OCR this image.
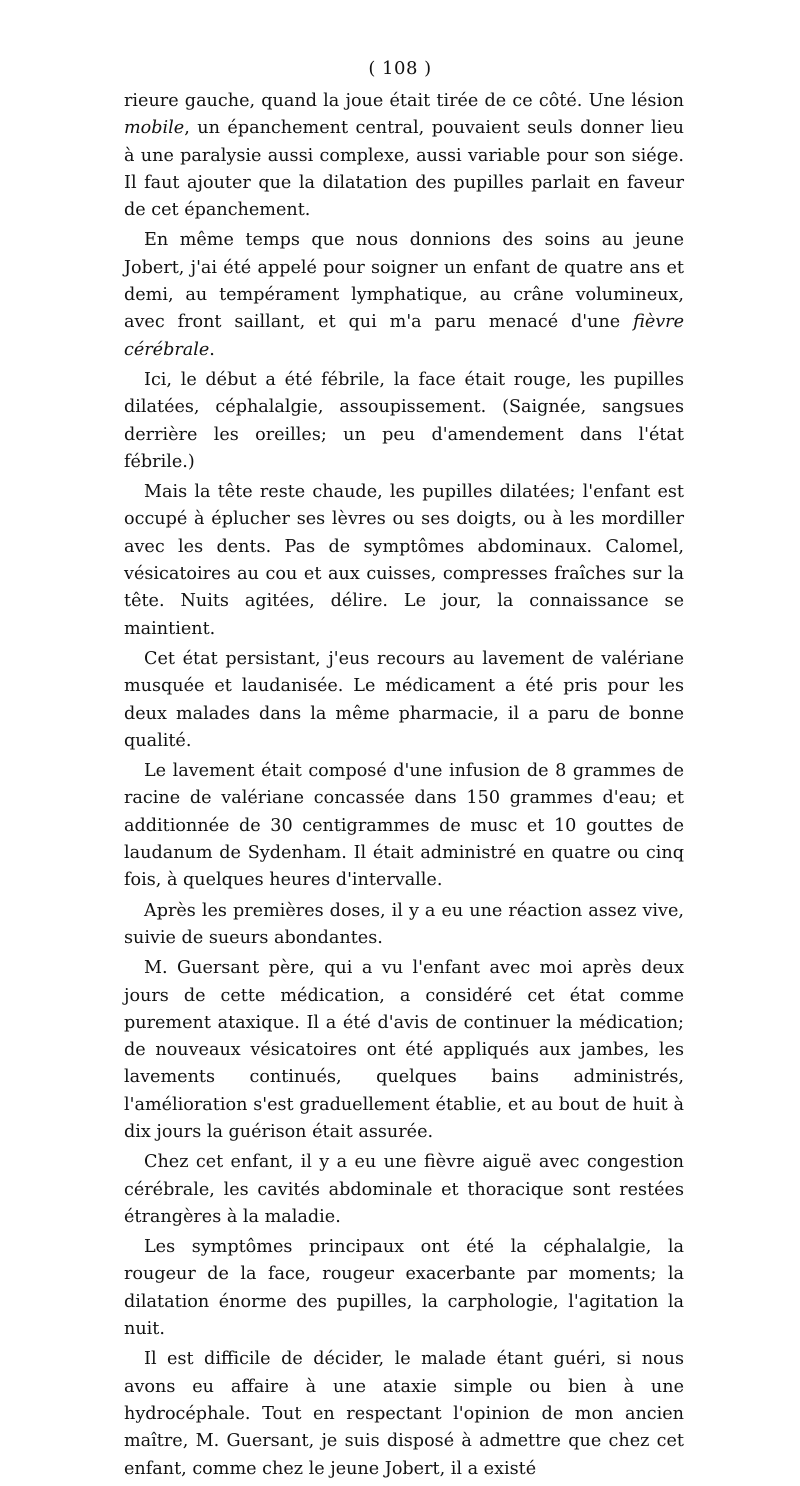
( 108 )

rieure gauche, quand la joue était tirée de ce côté. Une lésion mobile, un épanchement central, pouvaient seuls donner lieu à une paralysie aussi complexe, aussi variable pour son siége. Il faut ajouter que la dilatation des pupilles parlait en faveur de cet épanchement.

En même temps que nous donnions des soins au jeune Jobert, j'ai été appelé pour soigner un enfant de quatre ans et demi, au tempérament lymphatique, au crâne volumineux, avec front saillant, et qui m'a paru menacé d'une fièvre cérébrale.

Ici, le début a été fébrile, la face était rouge, les pupilles dilatées, céphalalgie, assoupissement. (Saignée, sangsues derrière les oreilles; un peu d'amendement dans l'état fébrile.)

Mais la tête reste chaude, les pupilles dilatées; l'enfant est occupé à éplucher ses lèvres ou ses doigts, ou à les mordiller avec les dents. Pas de symptômes abdominaux. Calomel, vésicatoires au cou et aux cuisses, compresses fraîches sur la tête. Nuits agitées, délire. Le jour, la connaissance se maintient.

Cet état persistant, j'eus recours au lavement de valériane musquée et laudanisée. Le médicament a été pris pour les deux malades dans la même pharmacie, il a paru de bonne qualité.

Le lavement était composé d'une infusion de 8 grammes de racine de valériane concassée dans 150 grammes d'eau; et additionnée de 30 centigrammes de musc et 10 gouttes de laudanum de Sydenham. Il était administré en quatre ou cinq fois, à quelques heures d'intervalle.

Après les premières doses, il y a eu une réaction assez vive, suivie de sueurs abondantes.

M. Guersant père, qui a vu l'enfant avec moi après deux jours de cette médication, a considéré cet état comme purement ataxique. Il a été d'avis de continuer la médication; de nouveaux vésicatoires ont été appliqués aux jambes, les lavements continués, quelques bains administrés, l'amélioration s'est graduellement établie, et au bout de huit à dix jours la guérison était assurée.

Chez cet enfant, il y a eu une fièvre aiguë avec congestion cérébrale, les cavités abdominale et thoracique sont restées étrangères à la maladie.

Les symptômes principaux ont été la céphalalgie, la rougeur de la face, rougeur exacerbante par moments; la dilatation énorme des pupilles, la carphologie, l'agitation la nuit.

Il est difficile de décider, le malade étant guéri, si nous avons eu affaire à une ataxie simple ou bien à une hydrocéphale. Tout en respectant l'opinion de mon ancien maître, M. Guersant, je suis disposé à admettre que chez cet enfant, comme chez le jeune Jobert, il a existé
